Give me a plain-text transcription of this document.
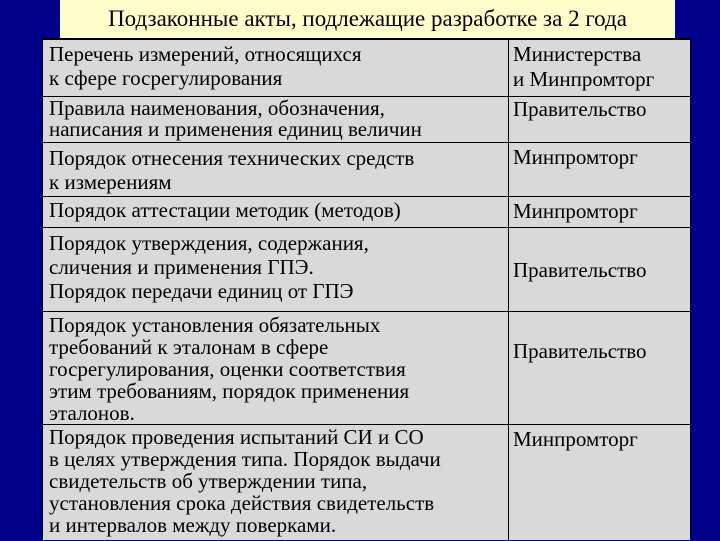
Подзаконные акты, подлежащие разработке за 2 года
Перечень измерений, относящихся
к сфере госрегулирования
Министерства
и Минпромторг
Правила наименования, обозначения,
написания и применения единиц величин
Правительство
Порядок отнесения технических средств
к измерениям
Минпромторг
Порядок аттестации методик (методов)	Минпромторг
Порядок утверждения, содержания,
сличения и применения ГПЭ.
Порядок передачи единиц от ГПЭ
Правительство
Порядок установления обязательных
требований к эталонам в сфере
госрегулирования, оценки соответствия
этим требованиям, порядок применения
эталонов.
Правительство
Порядок проведения испытаний СИ и СО
в целях утверждения типа. Порядок выдачи
свидетельств об утверждении типа,
установления срока действия свидетельств
и интервалов между поверками.
Минпромторг
